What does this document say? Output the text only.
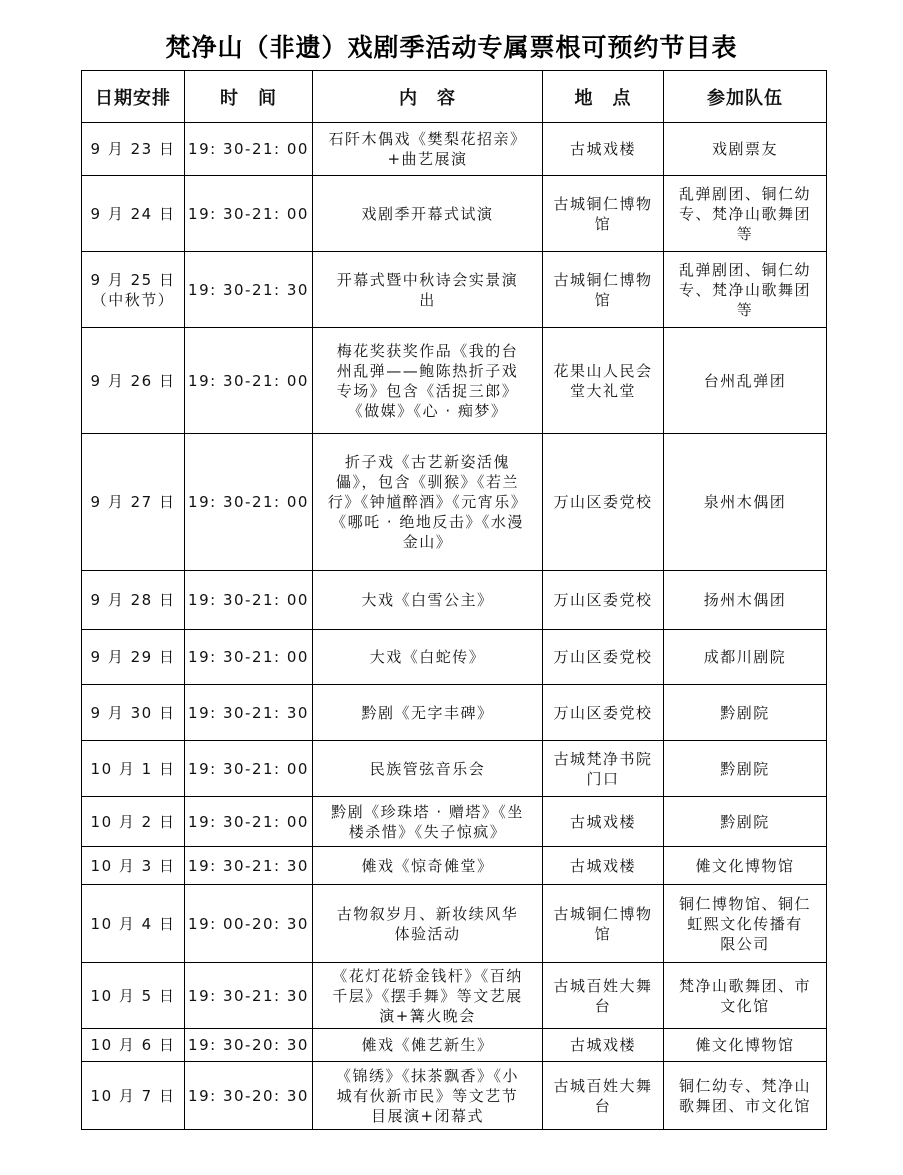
梵净山（非遗）戏剧季活动专属票根可预约节目表
日期安排	时　间	内　容	地　点	参加队伍
9 月 23 日	19: 30-21: 00	石阡木偶戏《樊梨花招亲》
+曲艺展演	古城戏楼	戏剧票友
9 月 24 日	19: 30-21: 00	戏剧季开幕式试演	古城铜仁博物
馆	乱弹剧团、铜仁幼
专、梵净山歌舞团
等
9 月 25 日
（中秋节）	19: 30-21: 30	开幕式暨中秋诗会实景演
出	古城铜仁博物
馆	乱弹剧团、铜仁幼
专、梵净山歌舞团
等
9 月 26 日	19: 30-21: 00	梅花奖获奖作品《我的台
州乱弹——鲍陈热折子戏
专场》包含《活捉三郎》
《做媒》《心 · 痴梦》	花果山人民会
堂大礼堂	台州乱弹团
9 月 27 日	19: 30-21: 00	折子戏《古艺新姿活傀
儡》，包含《驯猴》《若兰
行》《钟馗醉酒》《元宵乐》
《哪吒 · 绝地反击》《水漫
金山》	万山区委党校	泉州木偶团
9 月 28 日	19: 30-21: 00	大戏《白雪公主》	万山区委党校	扬州木偶团
9 月 29 日	19: 30-21: 00	大戏《白蛇传》	万山区委党校	成都川剧院
9 月 30 日	19: 30-21: 30	黔剧《无字丰碑》	万山区委党校	黔剧院
10 月 1 日	19: 30-21: 00	民族管弦音乐会	古城梵净书院
门口	黔剧院
10 月 2 日	19: 30-21: 00	黔剧《珍珠塔 · 赠塔》《坐
楼杀惜》《失子惊疯》	古城戏楼	黔剧院
10 月 3 日	19: 30-21: 30	傩戏《惊奇傩堂》	古城戏楼	傩文化博物馆
10 月 4 日	19: 00-20: 30	古物叙岁月、新妆续风华
体验活动	古城铜仁博物
馆	铜仁博物馆、铜仁
虹熙文化传播有
限公司
10 月 5 日	19: 30-21: 30	《花灯花轿金钱杆》《百纳
千层》《摆手舞》等文艺展
演+篝火晚会	古城百姓大舞
台	梵净山歌舞团、市
文化馆
10 月 6 日	19: 30-20: 30	傩戏《傩艺新生》	古城戏楼	傩文化博物馆
10 月 7 日	19: 30-20: 30	《锦绣》《抹茶飘香》《小
城有伙新市民》等文艺节
目展演+闭幕式	古城百姓大舞
台	铜仁幼专、梵净山
歌舞团、市文化馆
